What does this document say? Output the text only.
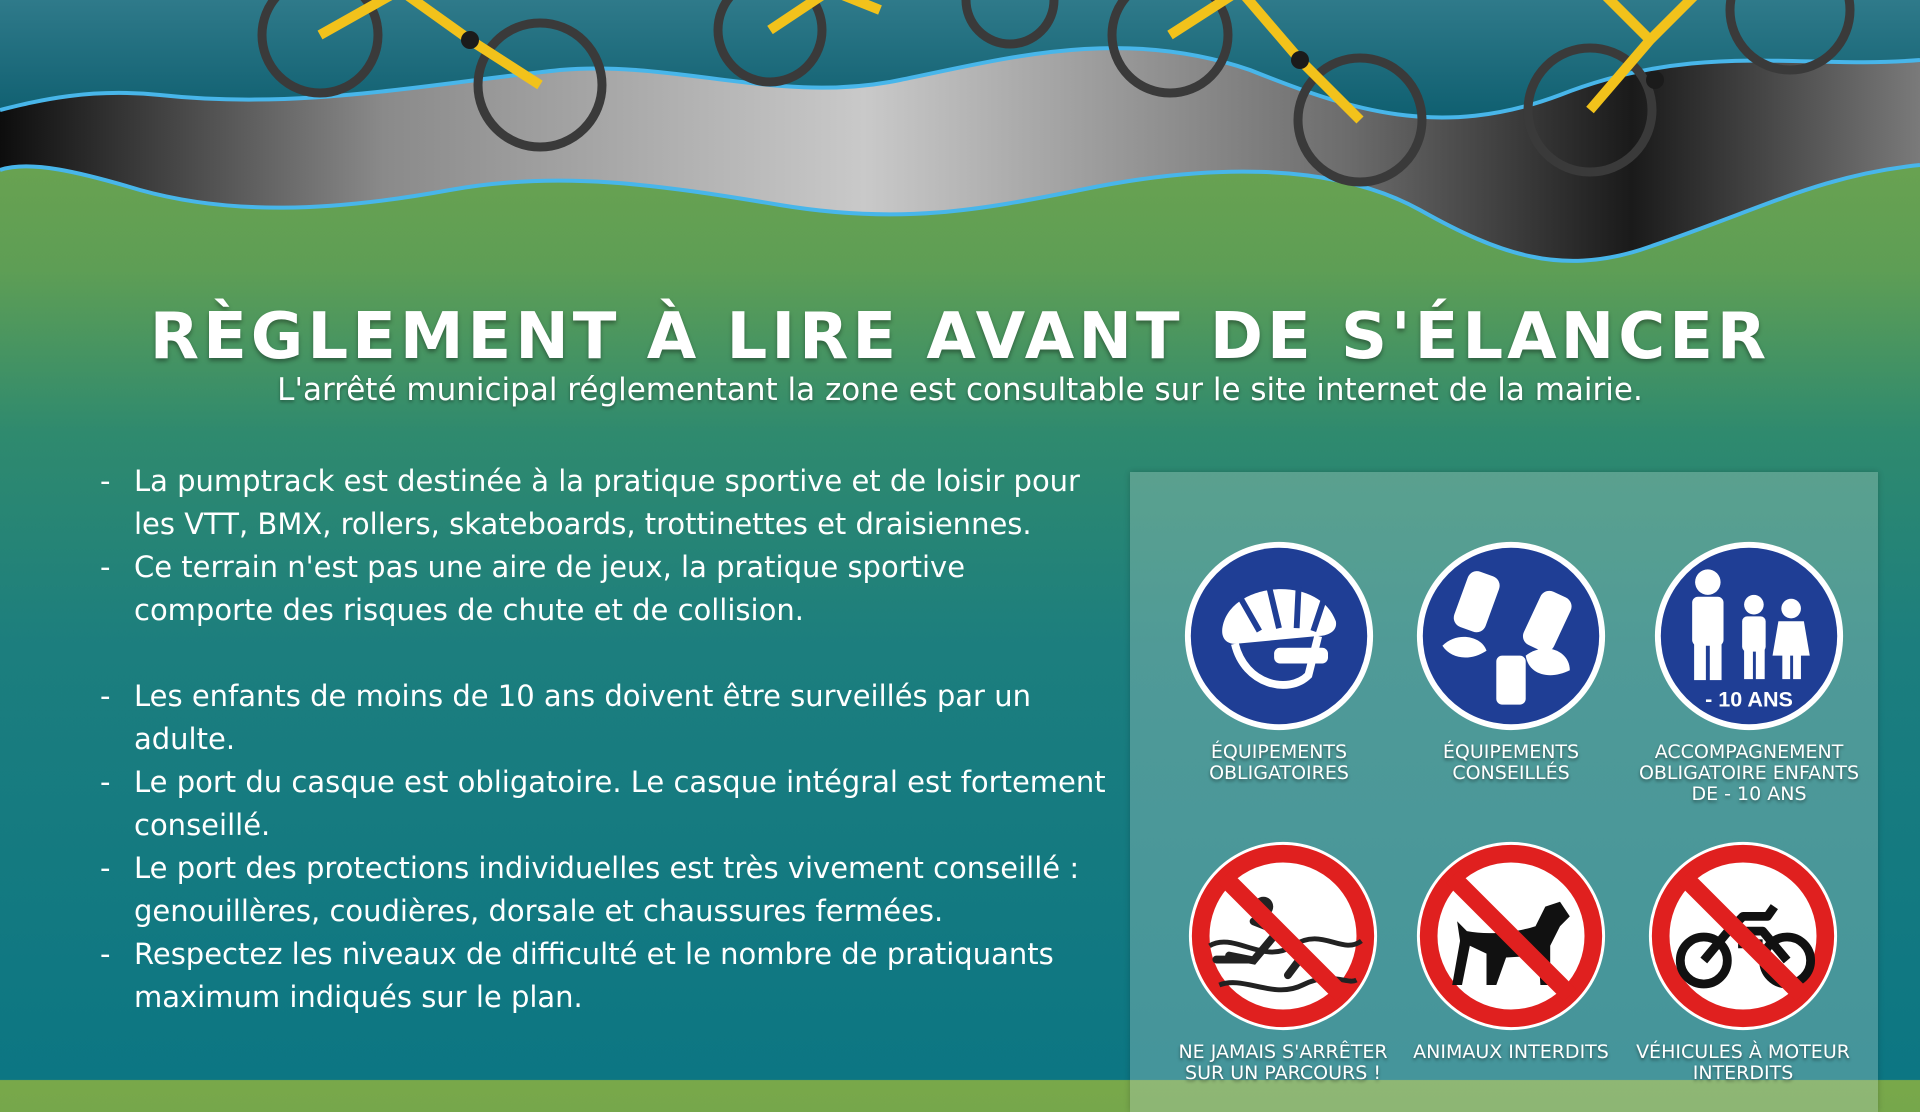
RÈGLEMENT À LIRE AVANT DE S'ÉLANCER
L'arrêté municipal réglementant la zone est consultable sur le site internet de la mairie.
- La pumptrack est destinée à la pratique sportive et de loisir pour les VTT, BMX, rollers, skateboards, trottinettes et draisiennes.
- Ce terrain n'est pas une aire de jeux, la pratique sportive comporte des risques de chute et de collision.
- Les enfants de moins de 10 ans doivent être surveillés par un adulte.
- Le port du casque est obligatoire. Le casque intégral est fortement conseillé.
- Le port des protections individuelles est très vivement conseillé : genouillères, coudières, dorsale et chaussures fermées.
- Respectez les niveaux de difficulté et le nombre de pratiquants maximum indiqués sur le plan.
ÉQUIPEMENTS OBLIGATOIRES
ÉQUIPEMENTS CONSEILLÉS
- 10 ANS
ACCOMPAGNEMENT OBLIGATOIRE ENFANTS DE - 10 ANS
NE JAMAIS S'ARRÊTER SUR UN PARCOURS !
ANIMAUX INTERDITS	VÉHICULES À MOTEUR INTERDITS
